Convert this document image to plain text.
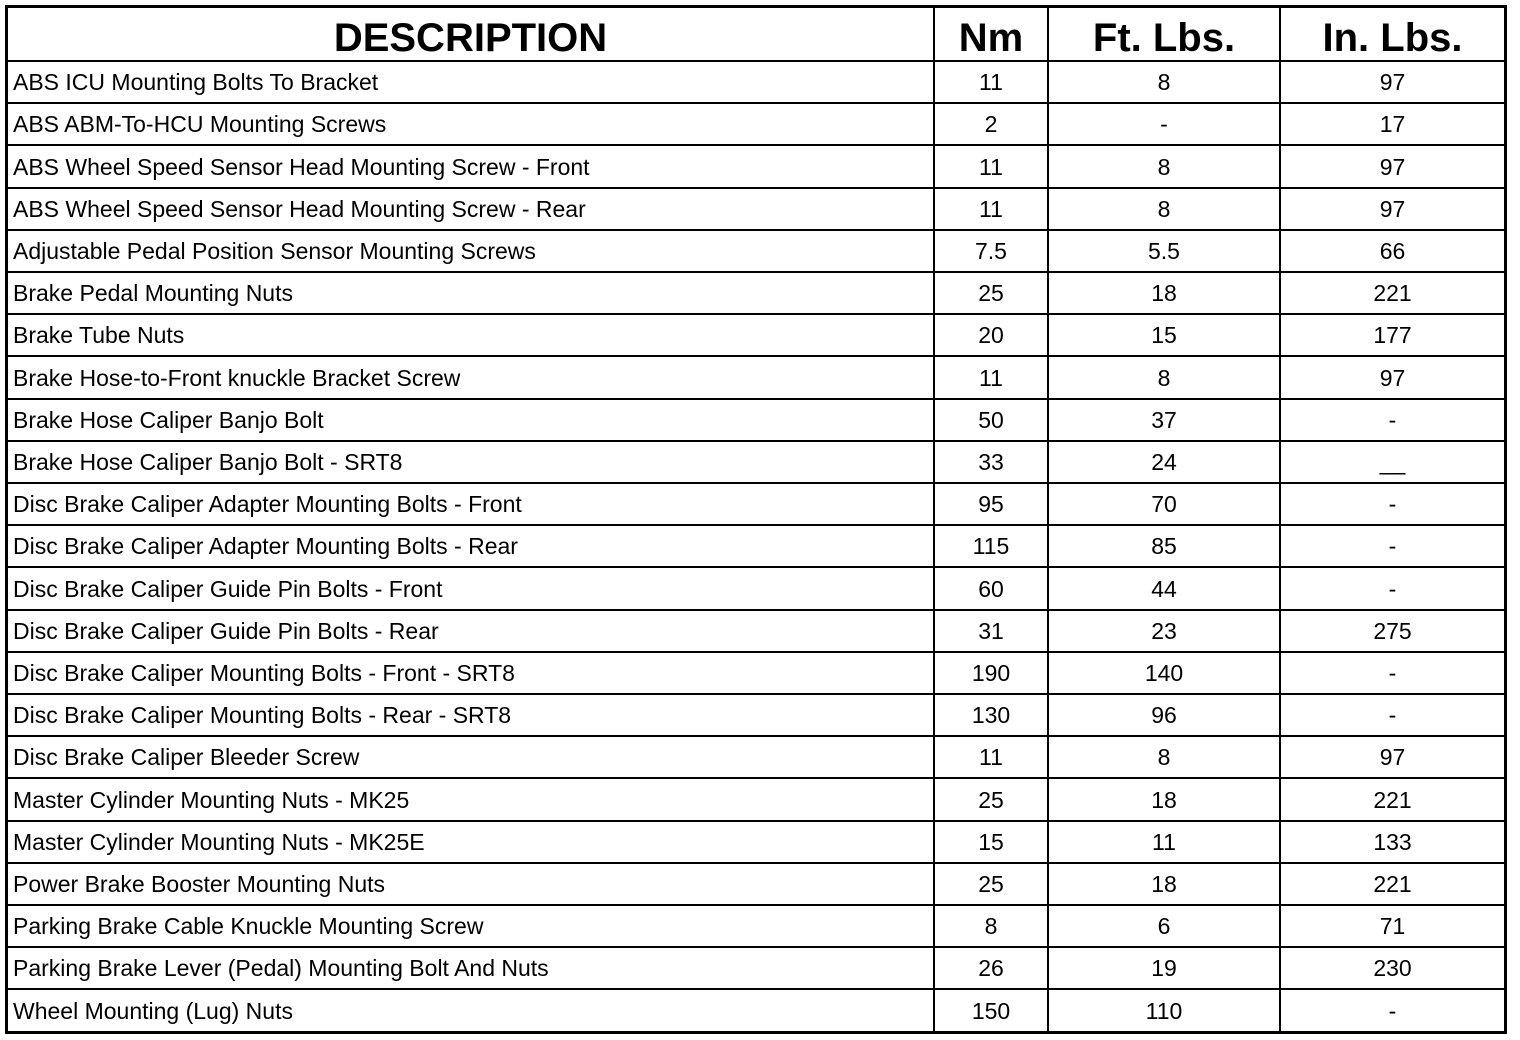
DESCRIPTION	Nm	Ft. Lbs.	In. Lbs.
ABS ICU Mounting Bolts To Bracket	11	8	97
ABS ABM-To-HCU Mounting Screws	2	-	17
ABS Wheel Speed Sensor Head Mounting Screw - Front	11	8	97
ABS Wheel Speed Sensor Head Mounting Screw - Rear	11	8	97
Adjustable Pedal Position Sensor Mounting Screws	7.5	5.5	66
Brake Pedal Mounting Nuts	25	18	221
Brake Tube Nuts	20	15	177
Brake Hose-to-Front knuckle Bracket Screw	11	8	97
Brake Hose Caliper Banjo Bolt	50	37	-
Brake Hose Caliper Banjo Bolt - SRT8	33	24	__
Disc Brake Caliper Adapter Mounting Bolts - Front	95	70	-
Disc Brake Caliper Adapter Mounting Bolts - Rear	115	85	-
Disc Brake Caliper Guide Pin Bolts - Front	60	44	-
Disc Brake Caliper Guide Pin Bolts - Rear	31	23	275
Disc Brake Caliper Mounting Bolts - Front - SRT8	190	140	-
Disc Brake Caliper Mounting Bolts - Rear - SRT8	130	96	-
Disc Brake Caliper Bleeder Screw	11	8	97
Master Cylinder Mounting Nuts - MK25	25	18	221
Master Cylinder Mounting Nuts - MK25E	15	11	133
Power Brake Booster Mounting Nuts	25	18	221
Parking Brake Cable Knuckle Mounting Screw	8	6	71
Parking Brake Lever (Pedal) Mounting Bolt And Nuts	26	19	230
Wheel Mounting (Lug) Nuts	150	110	-
